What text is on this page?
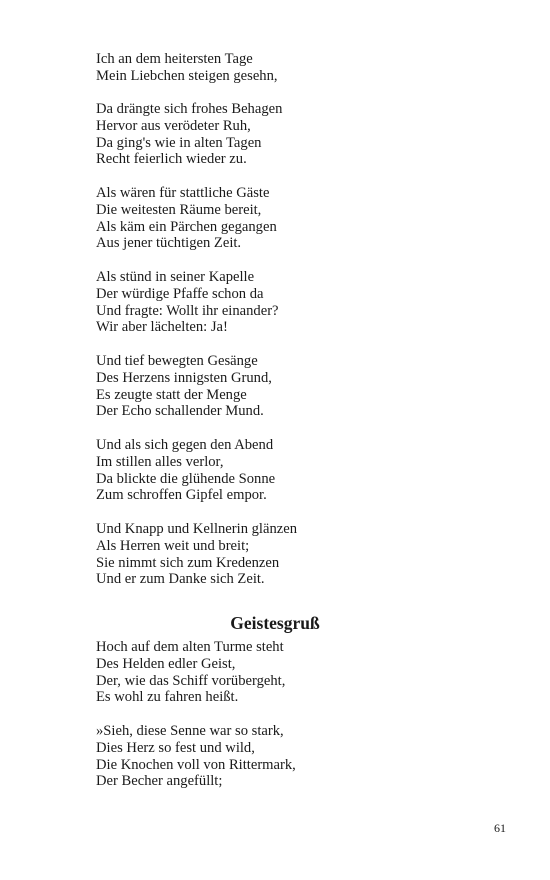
Ich an dem heitersten Tage
Mein Liebchen steigen gesehn,
Da drängte sich frohes Behagen
Hervor aus verödeter Ruh,
Da ging's wie in alten Tagen
Recht feierlich wieder zu.
Als wären für stattliche Gäste
Die weitesten Räume bereit,
Als käm ein Pärchen gegangen
Aus jener tüchtigen Zeit.
Als stünd in seiner Kapelle
Der würdige Pfaffe schon da
Und fragte: Wollt ihr einander?
Wir aber lächelten: Ja!
Und tief bewegten Gesänge
Des Herzens innigsten Grund,
Es zeugte statt der Menge
Der Echo schallender Mund.
Und als sich gegen den Abend
Im stillen alles verlor,
Da blickte die glühende Sonne
Zum schroffen Gipfel empor.
Und Knapp und Kellnerin glänzen
Als Herren weit und breit;
Sie nimmt sich zum Kredenzen
Und er zum Danke sich Zeit.
Geistesgruß
Hoch auf dem alten Turme steht
Des Helden edler Geist,
Der, wie das Schiff vorübergeht,
Es wohl zu fahren heißt.
»Sieh, diese Senne war so stark,
Dies Herz so fest und wild,
Die Knochen voll von Rittermark,
Der Becher angefüllt;
61
